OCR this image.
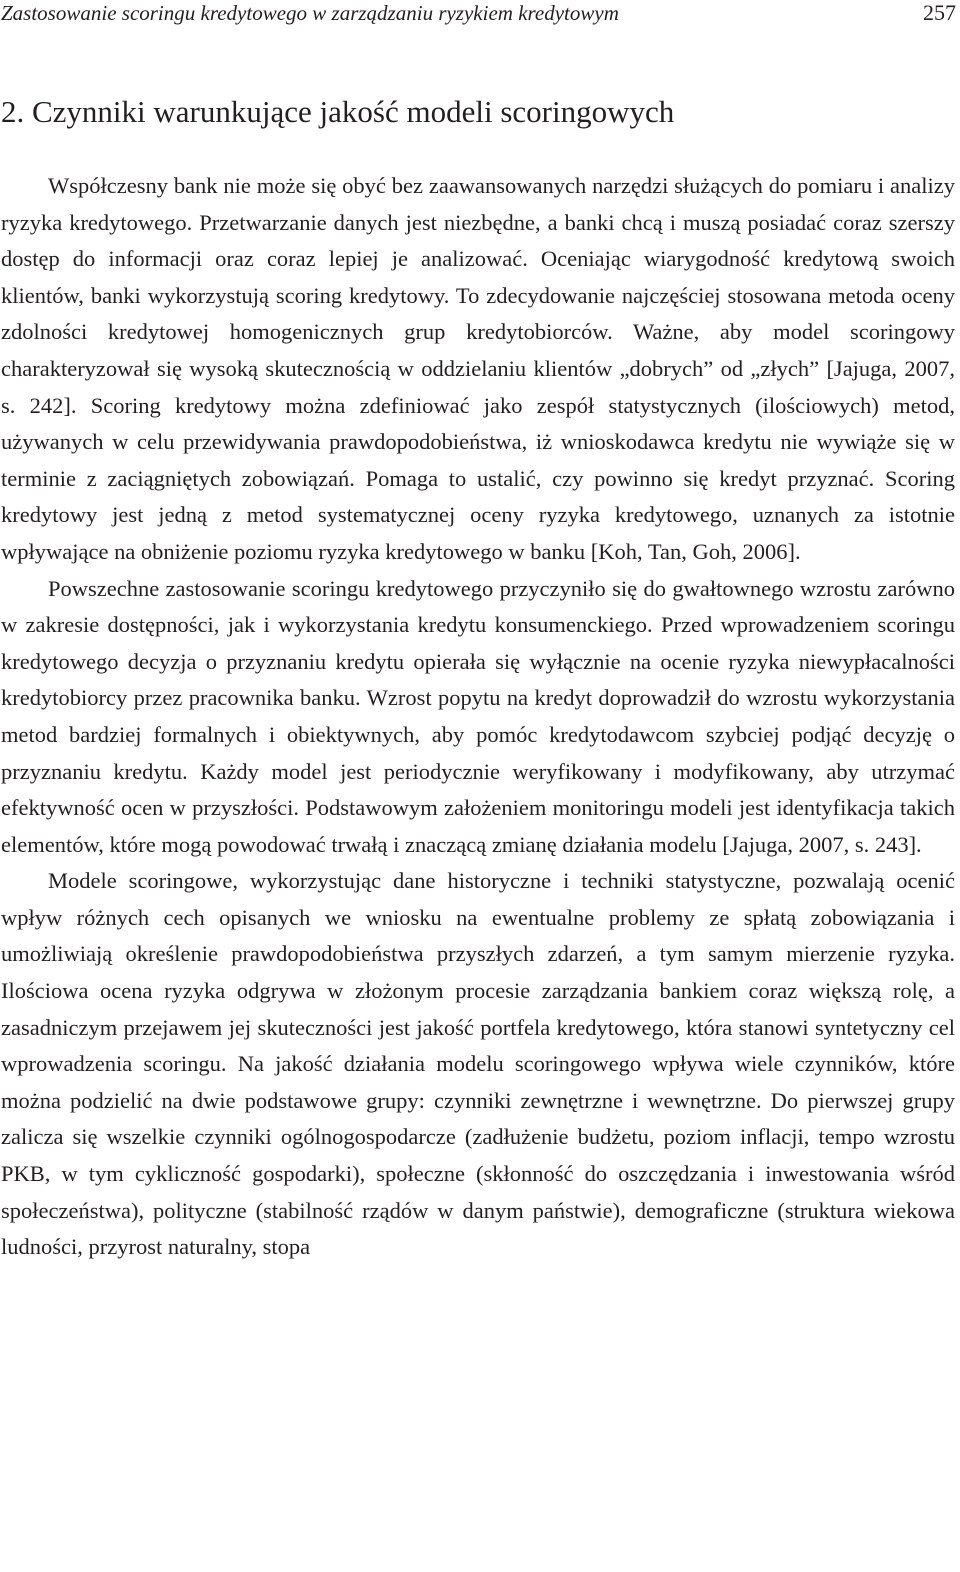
Zastosowanie scoringu kredytowego w zarządzaniu ryzykiem kredytowym	257
2. Czynniki warunkujące jakość modeli scoringowych

Współczesny bank nie może się obyć bez zaawansowanych narzędzi służących do pomiaru i analizy ryzyka kredytowego. Przetwarzanie danych jest niezbędne, a banki chcą i muszą posiadać coraz szerszy dostęp do informacji oraz coraz lepiej je analizować. Oceniając wiarygodność kredytową swoich klientów, banki wykorzystują scoring kredytowy. To zdecydowanie najczęściej stosowana metoda oceny zdolności kredytowej homogenicznych grup kredytobiorców. Ważne, aby model scoringowy charakteryzował się wysoką skutecznością w oddzielaniu klientów „dobrych” od „złych” [Jajuga, 2007, s. 242]. Scoring kredytowy można zdefiniować jako zespół statystycznych (ilościowych) metod, używanych w celu przewidywania prawdopodobieństwa, iż wnioskodawca kredytu nie wywiąże się w terminie z zaciągniętych zobowiązań. Pomaga to ustalić, czy powinno się kredyt przyznać. Scoring kredytowy jest jedną z metod systematycznej oceny ryzyka kredytowego, uznanych za istotnie wpływające na obniżenie poziomu ryzyka kredytowego w banku [Koh, Tan, Goh, 2006].

Powszechne zastosowanie scoringu kredytowego przyczyniło się do gwałtownego wzrostu zarówno w zakresie dostępności, jak i wykorzystania kredytu konsumenckiego. Przed wprowadzeniem scoringu kredytowego decyzja o przyznaniu kredytu opierała się wyłącznie na ocenie ryzyka niewypłacalności kredytobiorcy przez pracownika banku. Wzrost popytu na kredyt doprowadził do wzrostu wykorzystania metod bardziej formalnych i obiektywnych, aby pomóc kredytodawcom szybciej podjąć decyzję o przyznaniu kredytu. Każdy model jest periodycznie weryfikowany i modyfikowany, aby utrzymać efektywność ocen w przyszłości. Podstawowym założeniem monitoringu modeli jest identyfikacja takich elementów, które mogą powodować trwałą i znaczącą zmianę działania modelu [Jajuga, 2007, s. 243].

Modele scoringowe, wykorzystując dane historyczne i techniki statystyczne, pozwalają ocenić wpływ różnych cech opisanych we wniosku na ewentualne problemy ze spłatą zobowiązania i umożliwiają określenie prawdopodobieństwa przyszłych zdarzeń, a tym samym mierzenie ryzyka. Ilościowa ocena ryzyka odgrywa w złożonym procesie zarządzania bankiem coraz większą rolę, a zasadniczym przejawem jej skuteczności jest jakość portfela kredytowego, która stanowi syntetyczny cel wprowadzenia scoringu. Na jakość działania modelu scoringowego wpływa wiele czynników, które można podzielić na dwie podstawowe grupy: czynniki zewnętrzne i wewnętrzne. Do pierwszej grupy zalicza się wszelkie czynniki ogólnogospodarcze (zadłużenie budżetu, poziom inflacji, tempo wzrostu PKB, w tym cykliczność gospodarki), społeczne (skłonność do oszczędzania i inwestowania wśród społeczeństwa), polityczne (stabilność rządów w danym państwie), demograficzne (struktura wiekowa ludności, przyrost naturalny, stopa
